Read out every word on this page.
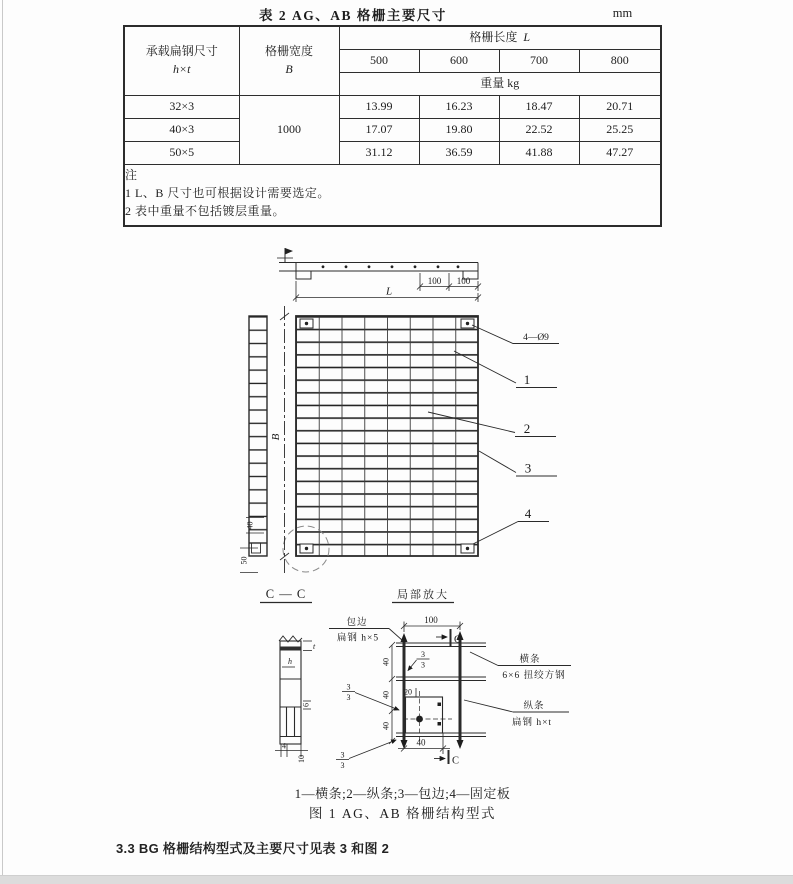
表 2 AG、AB 格栅主要尺寸	mm
承载扁钢尺寸
h×t	格栅宽度
B	格栅长度 L			
		500	600	700	800
		重量 kg			
32×3	1000	13.99	16.23	18.47	20.71
40×3		17.07	19.80	22.52	25.25
50×5		31.12	36.59	41.88	47.27

注
1 L、B 尺寸也可根据设计需要选定。
2 表中重量不包括镀层重量。					
100 100
L
B
40
50
4—Ø9
1
2
3
4
C — C	局部放大
h
t
6
4
10
100
C
C
40
40
40
20
40
3
3
3
3
3
3
包边
扁钢 h×5
横条
6×6 扭绞方钢
纵条
扁钢 h×t
1—横条;2—纵条;3—包边;4—固定板
图 1 AG、AB 格栅结构型式
3.3 BG 格栅结构型式及主要尺寸见表 3 和图 2
